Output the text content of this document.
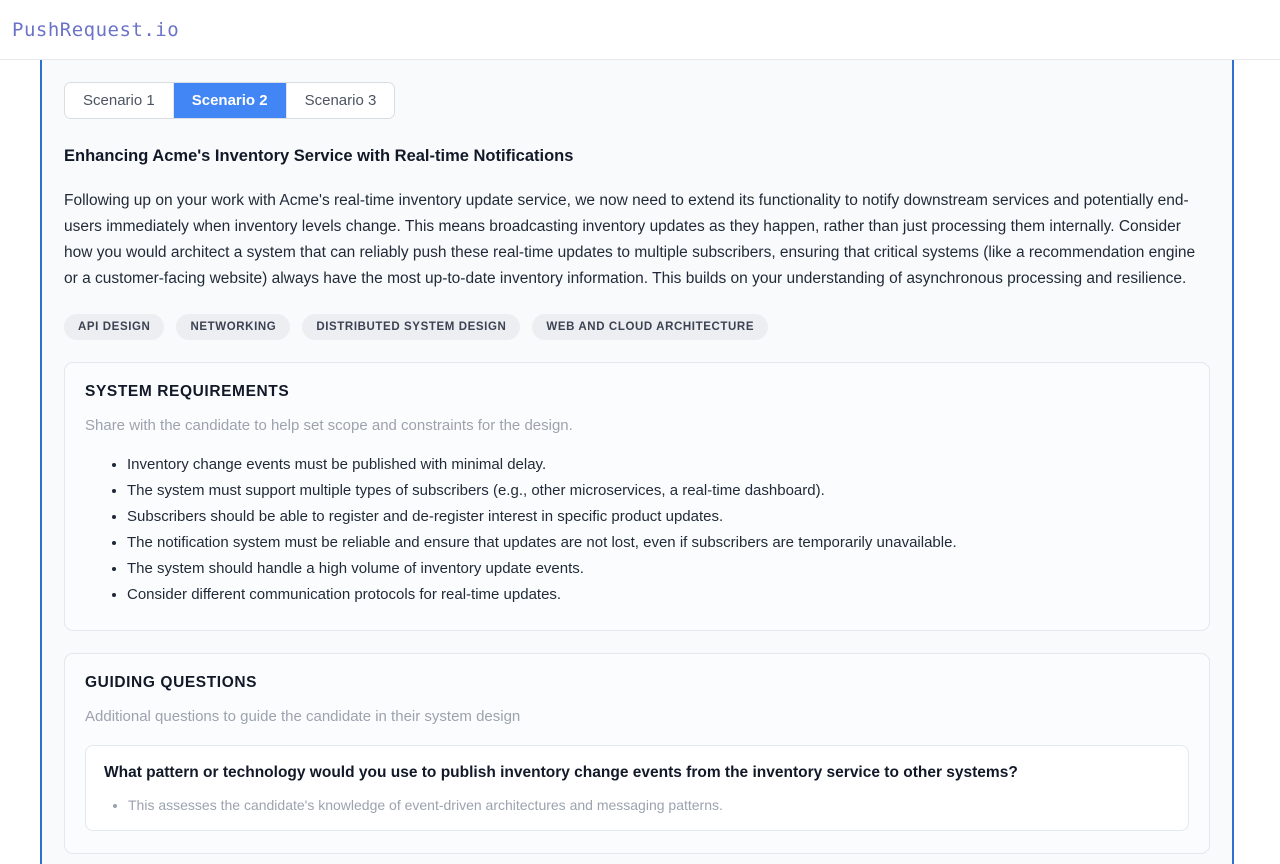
PushRequest.io
Scenario 1	Scenario 2	Scenario 3
Enhancing Acme's Inventory Service with Real-time Notifications
Following up on your work with Acme's real-time inventory update service, we now need to extend its functionality to notify downstream services and potentially end-users immediately when inventory levels change. This means broadcasting inventory updates as they happen, rather than just processing them internally. Consider how you would architect a system that can reliably push these real-time updates to multiple subscribers, ensuring that critical systems (like a recommendation engine or a customer-facing website) always have the most up-to-date inventory information. This builds on your understanding of asynchronous processing and resilience.
API DESIGN	NETWORKING	DISTRIBUTED SYSTEM DESIGN	WEB AND CLOUD ARCHITECTURE
SYSTEM REQUIREMENTS
Share with the candidate to help set scope and constraints for the design.
• Inventory change events must be published with minimal delay.
• The system must support multiple types of subscribers (e.g., other microservices, a real-time dashboard).
• Subscribers should be able to register and de-register interest in specific product updates.
• The notification system must be reliable and ensure that updates are not lost, even if subscribers are temporarily unavailable.
• The system should handle a high volume of inventory update events.
• Consider different communication protocols for real-time updates.
GUIDING QUESTIONS
Additional questions to guide the candidate in their system design
What pattern or technology would you use to publish inventory change events from the inventory service to other systems?
• This assesses the candidate's knowledge of event-driven architectures and messaging patterns.
